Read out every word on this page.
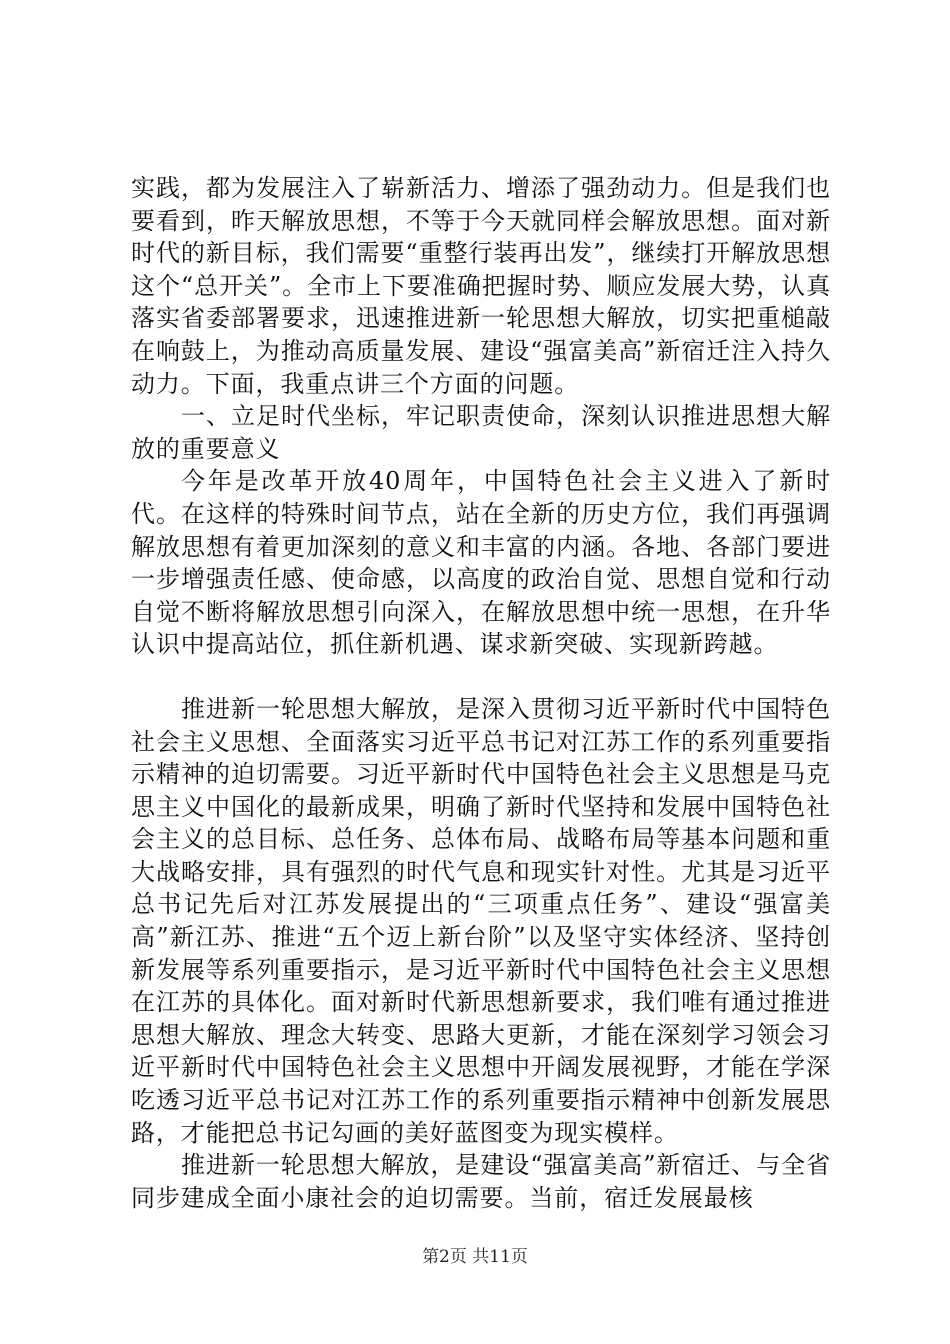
实践，都为发展注入了崭新活力、增添了强劲动力。但是我们也要看到，昨天解放思想，不等于今天就同样会解放思想。面对新时代的新目标，我们需要“重整行装再出发”，继续打开解放思想这个“总开关”。全市上下要准确把握时势、顺应发展大势，认真落实省委部署要求，迅速推进新一轮思想大解放，切实把重槌敲在响鼓上，为推动高质量发展、建设“强富美高”新宿迁注入持久动力。下面，我重点讲三个方面的问题。

一、立足时代坐标，牢记职责使命，深刻认识推进思想大解放的重要意义

今年是改革开放40周年，中国特色社会主义进入了新时代。在这样的特殊时间节点，站在全新的历史方位，我们再强调解放思想有着更加深刻的意义和丰富的内涵。各地、各部门要进一步增强责任感、使命感，以高度的政治自觉、思想自觉和行动自觉不断将解放思想引向深入，在解放思想中统一思想，在升华认识中提高站位，抓住新机遇、谋求新突破、实现新跨越。

推进新一轮思想大解放，是深入贯彻习近平新时代中国特色社会主义思想、全面落实习近平总书记对江苏工作的系列重要指示精神的迫切需要。习近平新时代中国特色社会主义思想是马克思主义中国化的最新成果，明确了新时代坚持和发展中国特色社会主义的总目标、总任务、总体布局、战略布局等基本问题和重大战略安排，具有强烈的时代气息和现实针对性。尤其是习近平总书记先后对江苏发展提出的“三项重点任务”、建设“强富美高”新江苏、推进“五个迈上新台阶”以及坚守实体经济、坚持创新发展等系列重要指示，是习近平新时代中国特色社会主义思想在江苏的具体化。面对新时代新思想新要求，我们唯有通过推进思想大解放、理念大转变、思路大更新，才能在深刻学习领会习近平新时代中国特色社会主义思想中开阔发展视野，才能在学深吃透习近平总书记对江苏工作的系列重要指示精神中创新发展思路，才能把总书记勾画的美好蓝图变为现实模样。

推进新一轮思想大解放，是建设“强富美高”新宿迁、与全省同步建成全面小康社会的迫切需要。当前，宿迁发展最核

第2页 共11页
